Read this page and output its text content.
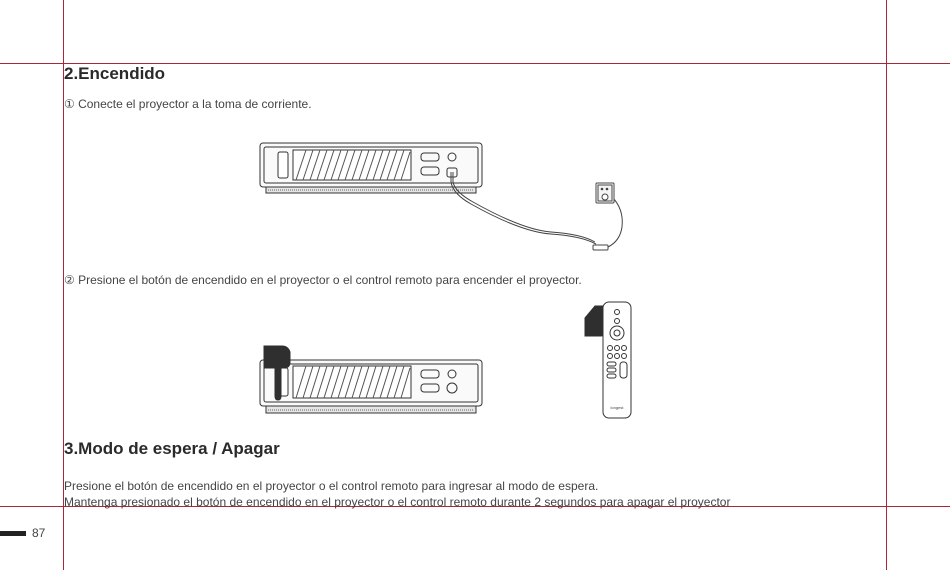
2.Encendido
① Conecte el proyector a la toma de corriente.
② Presione el botón de encendido en el proyector o el control remoto para encender el proyector.
longest
3.Modo de espera / Apagar
Presione el botón de encendido en el proyector o el control remoto para ingresar al modo de espera.
Mantenga presionado el botón de encendido en el proyector o el control remoto durante 2 segundos para apagar el proyector
87
